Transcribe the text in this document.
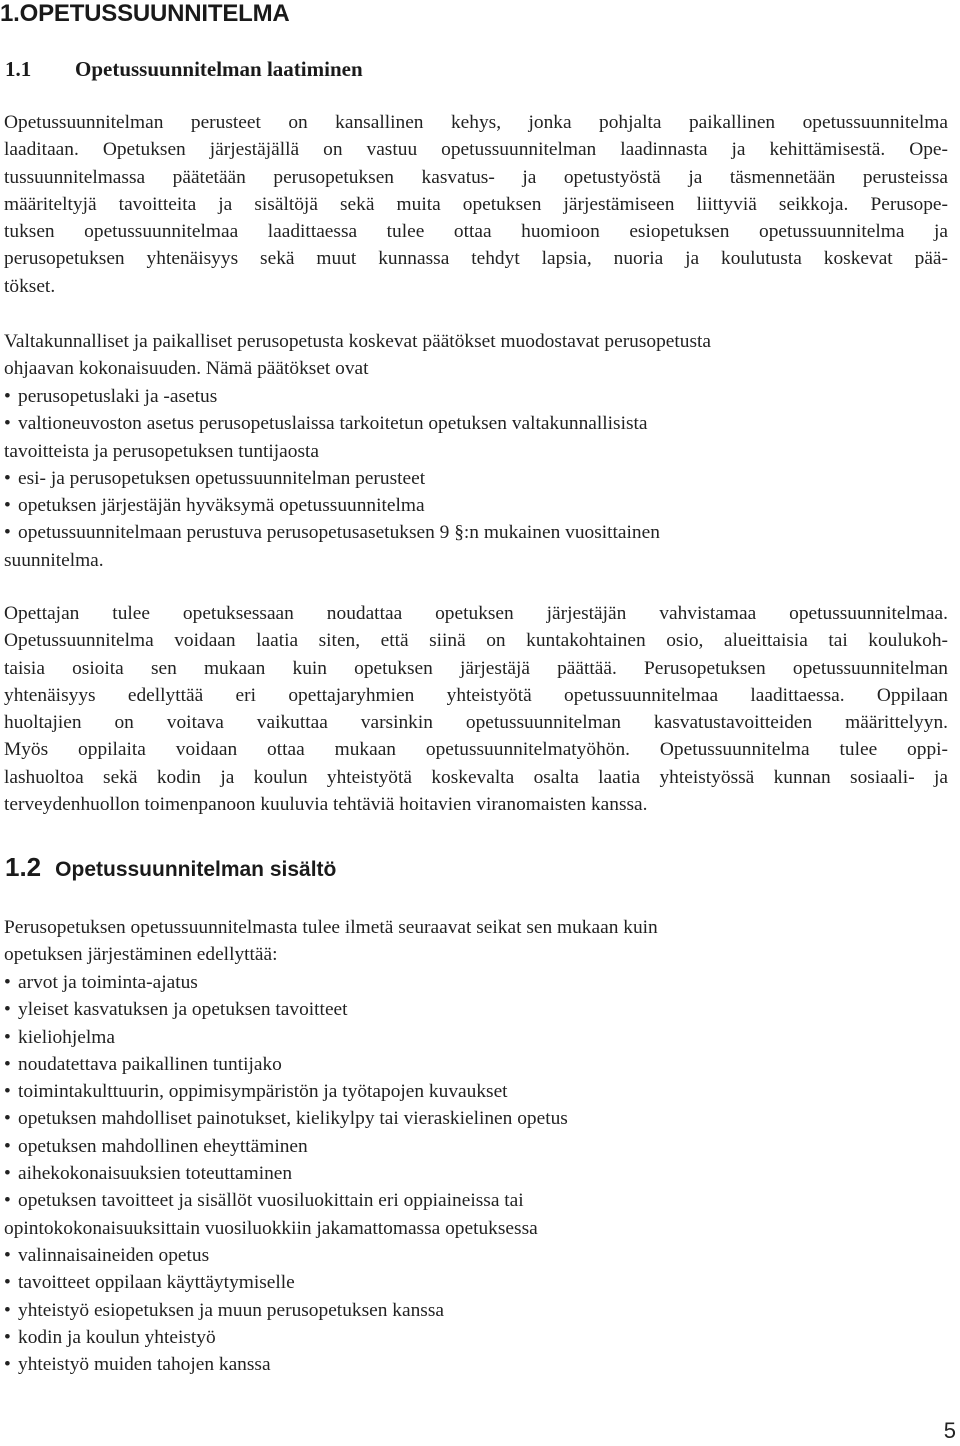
1.OPETUSSUUNNITELMA
1.1 Opetussuunnitelman laatiminen
Opetussuunnitelman perusteet on kansallinen kehys, jonka pohjalta paikallinen opetussuunnitelma
laaditaan. Opetuksen järjestäjällä on vastuu opetussuunnitelman laadinnasta ja kehittämisestä. Ope-
tussuunnitelmassa päätetään perusopetuksen kasvatus- ja opetustyöstä ja täsmennetään perusteissa
määriteltyjä tavoitteita ja sisältöjä sekä muita opetuksen järjestämiseen liittyviä seikkoja. Perusope-
tuksen opetussuunnitelmaa laadittaessa tulee ottaa huomioon esiopetuksen opetussuunnitelma ja
perusopetuksen yhtenäisyys sekä muut kunnassa tehdyt lapsia, nuoria ja koulutusta koskevat pää-
tökset.
Valtakunnalliset ja paikalliset perusopetusta koskevat päätökset muodostavat perusopetusta
ohjaavan kokonaisuuden. Nämä päätökset ovat
• perusopetuslaki ja -asetus
• valtioneuvoston asetus perusopetuslaissa tarkoitetun opetuksen valtakunnallisista
tavoitteista ja perusopetuksen tuntijaosta
• esi- ja perusopetuksen opetussuunnitelman perusteet
• opetuksen järjestäjän hyväksymä opetussuunnitelma
• opetussuunnitelmaan perustuva perusopetusasetuksen 9 §:n mukainen vuosittainen
suunnitelma.
Opettajan tulee opetuksessaan noudattaa opetuksen järjestäjän vahvistamaa opetussuunnitelmaa.
Opetussuunnitelma voidaan laatia siten, että siinä on kuntakohtainen osio, alueittaisia tai koulukoh-
taisia osioita sen mukaan kuin opetuksen järjestäjä päättää. Perusopetuksen opetussuunnitelman
yhtenäisyys edellyttää eri opettajaryhmien yhteistyötä opetussuunnitelmaa laadittaessa. Oppilaan
huoltajien on voitava vaikuttaa varsinkin opetussuunnitelman kasvatustavoitteiden määrittelyyn.
Myös oppilaita voidaan ottaa mukaan opetussuunnitelmatyöhön. Opetussuunnitelma tulee oppi-
lashuoltoa sekä kodin ja koulun yhteistyötä koskevalta osalta laatia yhteistyössä kunnan sosiaali- ja
terveydenhuollon toimenpanoon kuuluvia tehtäviä hoitavien viranomaisten kanssa.
1.2 Opetussuunnitelman sisältö
Perusopetuksen opetussuunnitelmasta tulee ilmetä seuraavat seikat sen mukaan kuin
opetuksen järjestäminen edellyttää:
• arvot ja toiminta-ajatus
• yleiset kasvatuksen ja opetuksen tavoitteet
• kieliohjelma
• noudatettava paikallinen tuntijako
• toimintakulttuurin, oppimisympäristön ja työtapojen kuvaukset
• opetuksen mahdolliset painotukset, kielikylpy tai vieraskielinen opetus
• opetuksen mahdollinen eheyttäminen
• aihekokonaisuuksien toteuttaminen
• opetuksen tavoitteet ja sisällöt vuosiluokittain eri oppiaineissa tai
opintokokonaisuuksittain vuosiluokkiin jakamattomassa opetuksessa
• valinnaisaineiden opetus
• tavoitteet oppilaan käyttäytymiselle
• yhteistyö esiopetuksen ja muun perusopetuksen kanssa
• kodin ja koulun yhteistyö
• yhteistyö muiden tahojen kanssa
5
